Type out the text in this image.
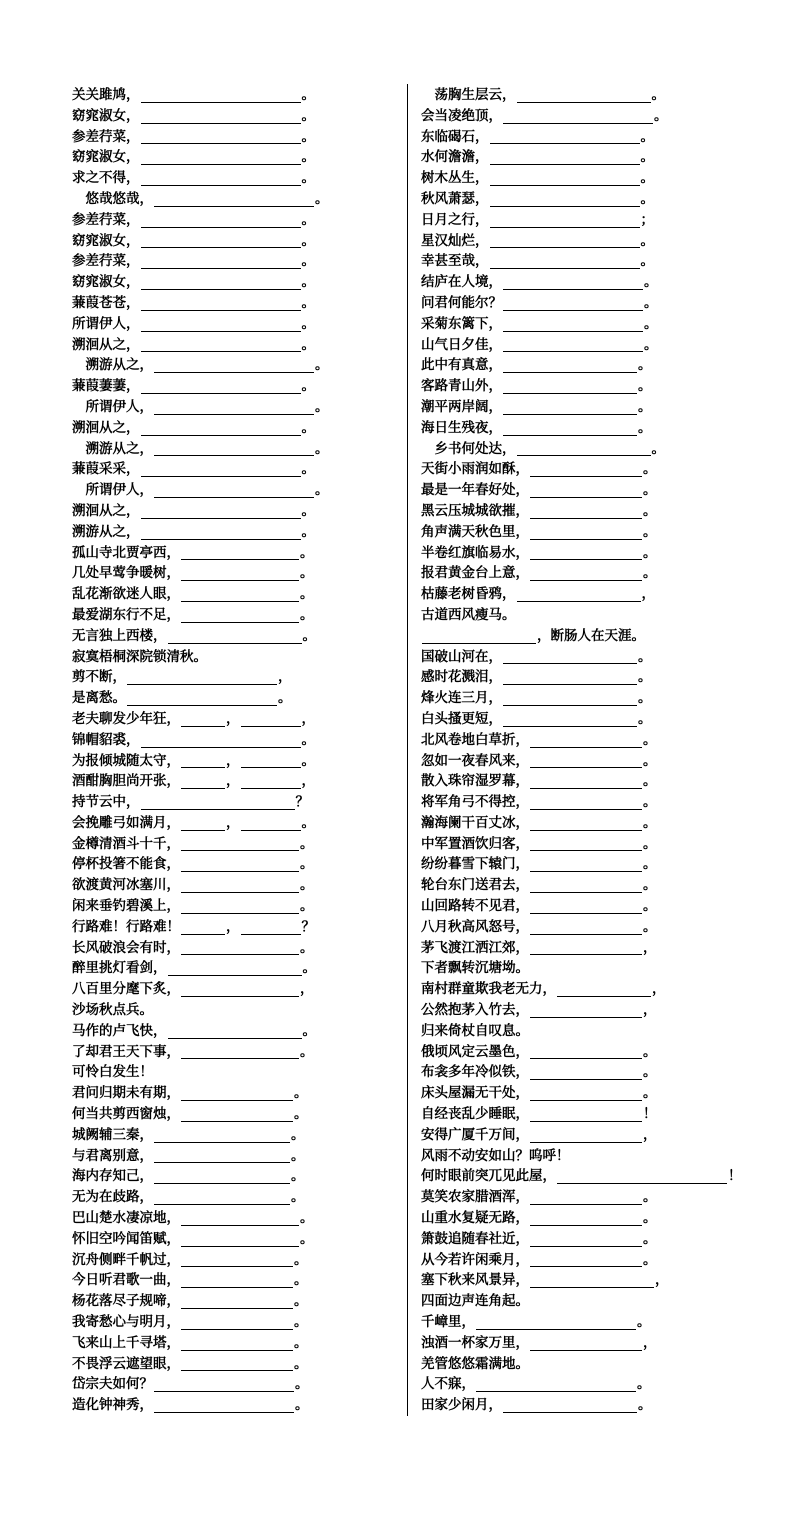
关关雎鸠，	。
窈窕淑女，	。
参差荇菜，	。
窈窕淑女，	。
求之不得，	。
　悠哉悠哉，	。
参差荇菜，	。
窈窕淑女，	。
参差荇菜，	。
窈窕淑女，	。
蒹葭苍苍，	。
所谓伊人，	。
溯洄从之，	。
　溯游从之，	。
蒹葭萋萋，	。
　所谓伊人，	。
溯洄从之，	。
　溯游从之，	。
蒹葭采采，	。
　所谓伊人，	。
溯洄从之，	。
溯游从之，	。
孤山寺北贾亭西，	。
几处早莺争暖树，	。
乱花渐欲迷人眼，	。
最爱湖东行不足，	。
无言独上西楼，	。
寂寞梧桐深院锁清秋。
剪不断，	，
是离愁。	。
老夫聊发少年狂，	，	，
锦帽貂裘，	。
为报倾城随太守，	，	。
酒酣胸胆尚开张，	，	，
持节云中，	？
会挽雕弓如满月，	，	。
金樽清酒斗十千，	。
停杯投箸不能食，	。
欲渡黄河冰塞川，	。
闲来垂钓碧溪上，	。
行路难！行路难！	，	？
长风破浪会有时，	。
醉里挑灯看剑，	。
八百里分麾下炙，	，
沙场秋点兵。
马作的卢飞快，	。
了却君王天下事，	。
可怜白发生！
君问归期未有期，	。
何当共剪西窗烛，	。
城阙辅三秦，	。
与君离别意，	。
海内存知己，	。
无为在歧路，	。
巴山楚水凄凉地，	。
怀旧空吟闻笛赋，	。
沉舟侧畔千帆过，	。
今日听君歌一曲，	。
杨花落尽子规啼，	。
我寄愁心与明月，	。
飞来山上千寻塔，	。
不畏浮云遮望眼，	。
岱宗夫如何？	。
造化钟神秀，	。
　荡胸生层云，	。
会当凌绝顶，	。
东临碣石，	。
水何澹澹，	。
树木丛生，	。
秋风萧瑟，	。
日月之行，	；
星汉灿烂，	。
幸甚至哉，	。
结庐在人境，	。
问君何能尔？	。
采菊东篱下，	。
山气日夕佳，	。
此中有真意，	。
客路青山外，	。
潮平两岸阔，	。
海日生残夜，	。
　乡书何处达，	。
天街小雨润如酥，	。
最是一年春好处，	。
黑云压城城欲摧，	。
角声满天秋色里，	。
半卷红旗临易水，	。
报君黄金台上意，	。
枯藤老树昏鸦，	，
古道西风瘦马。
，断肠人在天涯。
国破山河在，	。
感时花溅泪，	。
烽火连三月，	。
白头搔更短，	。
北风卷地白草折，	。
忽如一夜春风来，	。
散入珠帘湿罗幕，	。
将军角弓不得控，	。
瀚海阑干百丈冰，	。
中军置酒饮归客，	。
纷纷暮雪下辕门，	。
轮台东门送君去，	。
山回路转不见君，	。
八月秋高风怒号，	。
茅飞渡江洒江郊，	，
下者飘转沉塘坳。
南村群童欺我老无力，	，
公然抱茅入竹去，	，
归来倚杖自叹息。
俄顷风定云墨色，	。
布衾多年冷似铁，	。
床头屋漏无干处，	。
自经丧乱少睡眠，	！
安得广厦千万间，	，
风雨不动安如山？呜呼！
何时眼前突兀见此屋，	！
莫笑农家腊酒浑，	。
山重水复疑无路，	。
箫鼓追随春社近，	。
从今若许闲乘月，	。
塞下秋来风景异，	，
四面边声连角起。
千嶂里，	。
浊酒一杯家万里，	，
羌管悠悠霜满地。
人不寐，	。
田家少闲月，	。
